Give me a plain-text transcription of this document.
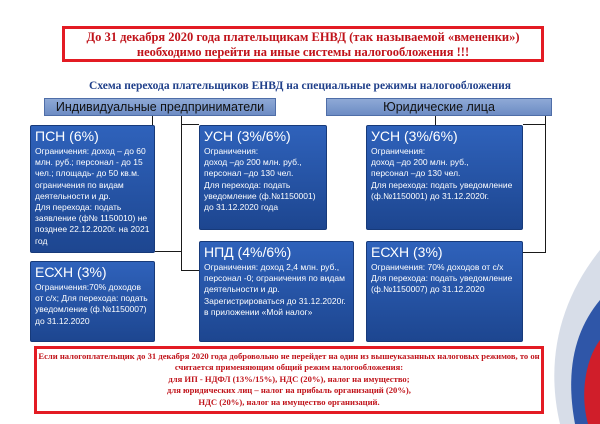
До 31 декабря 2020 года плательщикам ЕНВД (так называемой «вмененки»)
необходимо перейти на иные системы налогообложения !!!
Схема перехода плательщиков ЕНВД на специальные режимы налогообложения
Индивидуальные предприниматели	Юридические лица
ПСН (6%)
Ограничения: доход – до 60 млн. руб.; персонал - до 15 чел.; площадь- до 50 кв.м. ограничения по видам деятельности и др.
Для перехода: подать заявление (ф№ 1150010) не позднее 22.12.2020г. на 2021 год
ЕСХН (3%)
Ограничения:70% доходов от с/х; Для перехода: подать уведомление (ф.№1150007) до 31.12.2020
УСН (3%/6%)
Ограничения:
доход –до 200 млн. руб.,
персонал –до 130 чел.
Для перехода: подать уведомление (ф.№1150001) до 31.12.2020 года
НПД (4%/6%)
Ограничения: доход 2,4 млн. руб., персонал -0; ограничения по видам деятельности и др. Зарегистрироваться до 31.12.2020г. в приложении «Мой налог»
УСН (3%/6%)
Ограничения:
доход –до 200 млн. руб.,
персонал –до 130 чел.
Для перехода: подать уведомление (ф.№1150001) до 31.12.2020г.
ЕСХН (3%)
Ограничения: 70% доходов от с/х
Для перехода: подать уведомление (ф.№1150007) до 31.12.2020
Если налогоплательщик до 31 декабря 2020 года добровольно не перейдет на один из вышеуказанных налоговых режимов, то он считается применяющим общий режим налогообложения:
для ИП - НДФЛ (13%/15%), НДС (20%), налог на имущество;
для юридических лиц – налог на прибыль организаций (20%),
НДС (20%), налог на имущество организаций.
